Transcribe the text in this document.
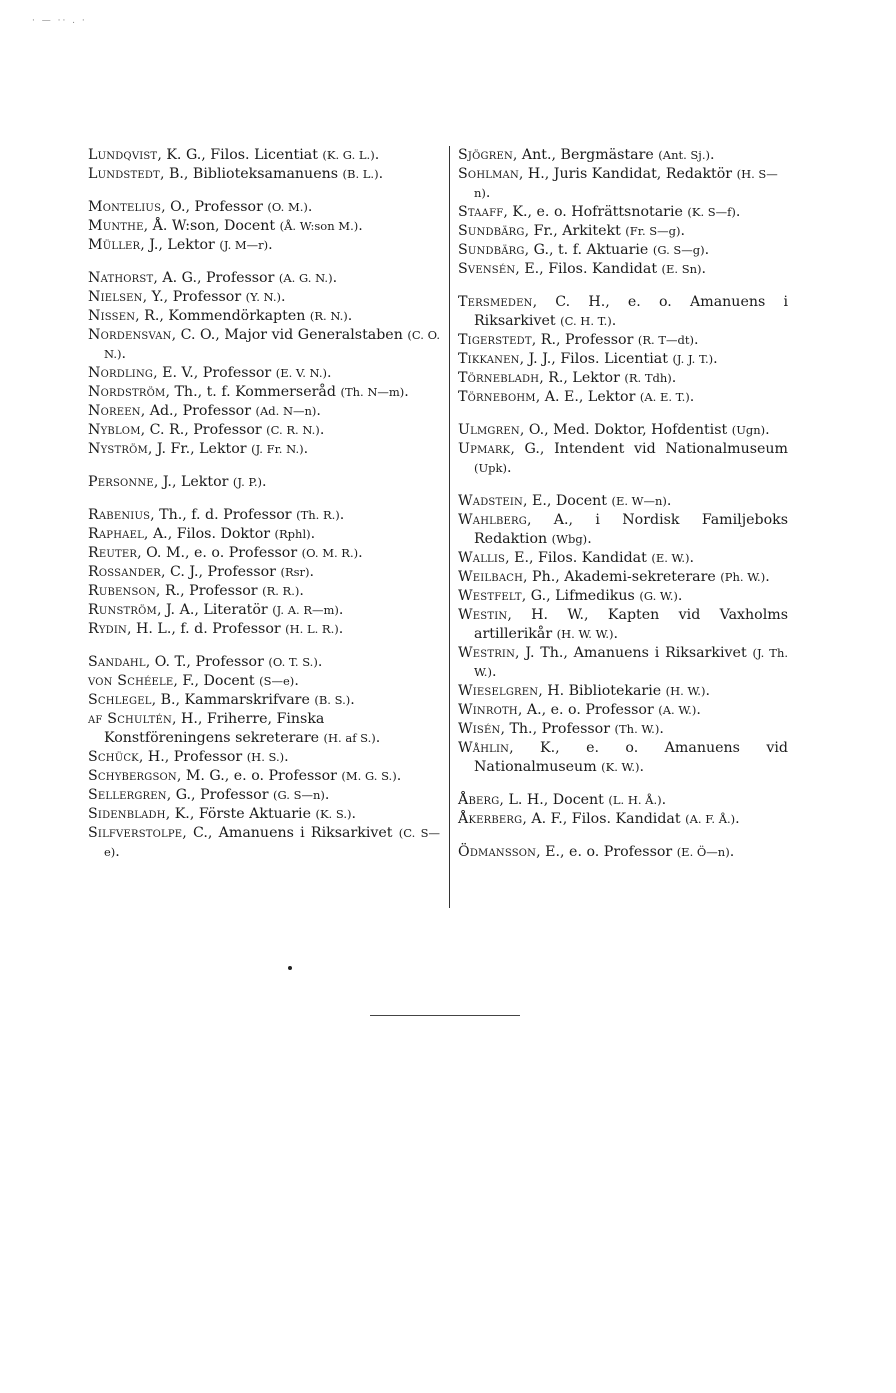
· — ·· . ·
Lundqvist, K. G., Filos. Licentiat (K. G. L.).
Lundstedt, B., Biblioteksamanuens (B. L.).
Montelius, O., Professor (O. M.).
Munthe, Å. W:son, Docent (Å. W:son M.).
Müller, J., Lektor (J. M—r).
Nathorst, A. G., Professor (A. G. N.).
Nielsen, Y., Professor (Y. N.).
Nissen, R., Kommendörkapten (R. N.).
Nordensvan, C. O., Major vid Generalstaben (C. O. N.).
Nordling, E. V., Professor (E. V. N.).
Nordström, Th., t. f. Kommerseråd (Th. N—m).
Noreen, Ad., Professor (Ad. N—n).
Nyblom, C. R., Professor (C. R. N.).
Nyström, J. Fr., Lektor (J. Fr. N.).
Personne, J., Lektor (J. P.).
Rabenius, Th., f. d. Professor (Th. R.).
Raphael, A., Filos. Doktor (Rphl).
Reuter, O. M., e. o. Professor (O. M. R.).
Rossander, C. J., Professor (Rsr).
Rubenson, R., Professor (R. R.).
Runström, J. A., Literatör (J. A. R—m).
Rydin, H. L., f. d. Professor (H. L. R.).
Sandahl, O. T., Professor (O. T. S.).
von Schéele, F., Docent (S—e).
Schlegel, B., Kammarskrifvare (B. S.).
af Schultén, H., Friherre, Finska Konstföreningens sekreterare (H. af S.).
Schück, H., Professor (H. S.).
Schybergson, M. G., e. o. Professor (M. G. S.).
Sellergren, G., Professor (G. S—n).
Sidenbladh, K., Förste Aktuarie (K. S.).
Silfverstolpe, C., Amanuens i Riksarkivet (C. S—e).
Sjögren, Ant., Bergmästare (Ant. Sj.).
Sohlman, H., Juris Kandidat, Redaktör (H. S—n).
Staaff, K., e. o. Hofrättsnotarie (K. S—f).
Sundbärg, Fr., Arkitekt (Fr. S—g).
Sundbärg, G., t. f. Aktuarie (G. S—g).
Svensén, E., Filos. Kandidat (E. Sn).
Tersmeden, C. H., e. o. Amanuens i Riksarkivet (C. H. T.).
Tigerstedt, R., Professor (R. T—dt).
Tikkanen, J. J., Filos. Licentiat (J. J. T.).
Törnebladh, R., Lektor (R. Tdh).
Törnebohm, A. E., Lektor (A. E. T.).
Ulmgren, O., Med. Doktor, Hofdentist (Ugn).
Upmark, G., Intendent vid Nationalmuseum (Upk).
Wadstein, E., Docent (E. W—n).
Wahlberg, A., i Nordisk Familjeboks Redaktion (Wbg).
Wallis, E., Filos. Kandidat (E. W.).
Weilbach, Ph., Akademi-sekreterare (Ph. W.).
Westfelt, G., Lifmedikus (G. W.).
Westin, H. W., Kapten vid Vaxholms artillerikår (H. W. W.).
Westrin, J. Th., Amanuens i Riksarkivet (J. Th. W.).
Wieselgren, H. Bibliotekarie (H. W.).
Winroth, A., e. o. Professor (A. W.).
Wisén, Th., Professor (Th. W.).
Wåhlin, K., e. o. Amanuens vid Nationalmuseum (K. W.).
Åberg, L. H., Docent (L. H. Å.).
Åkerberg, A. F., Filos. Kandidat (A. F. Å.).
Ödmansson, E., e. o. Professor (E. Ö—n).
